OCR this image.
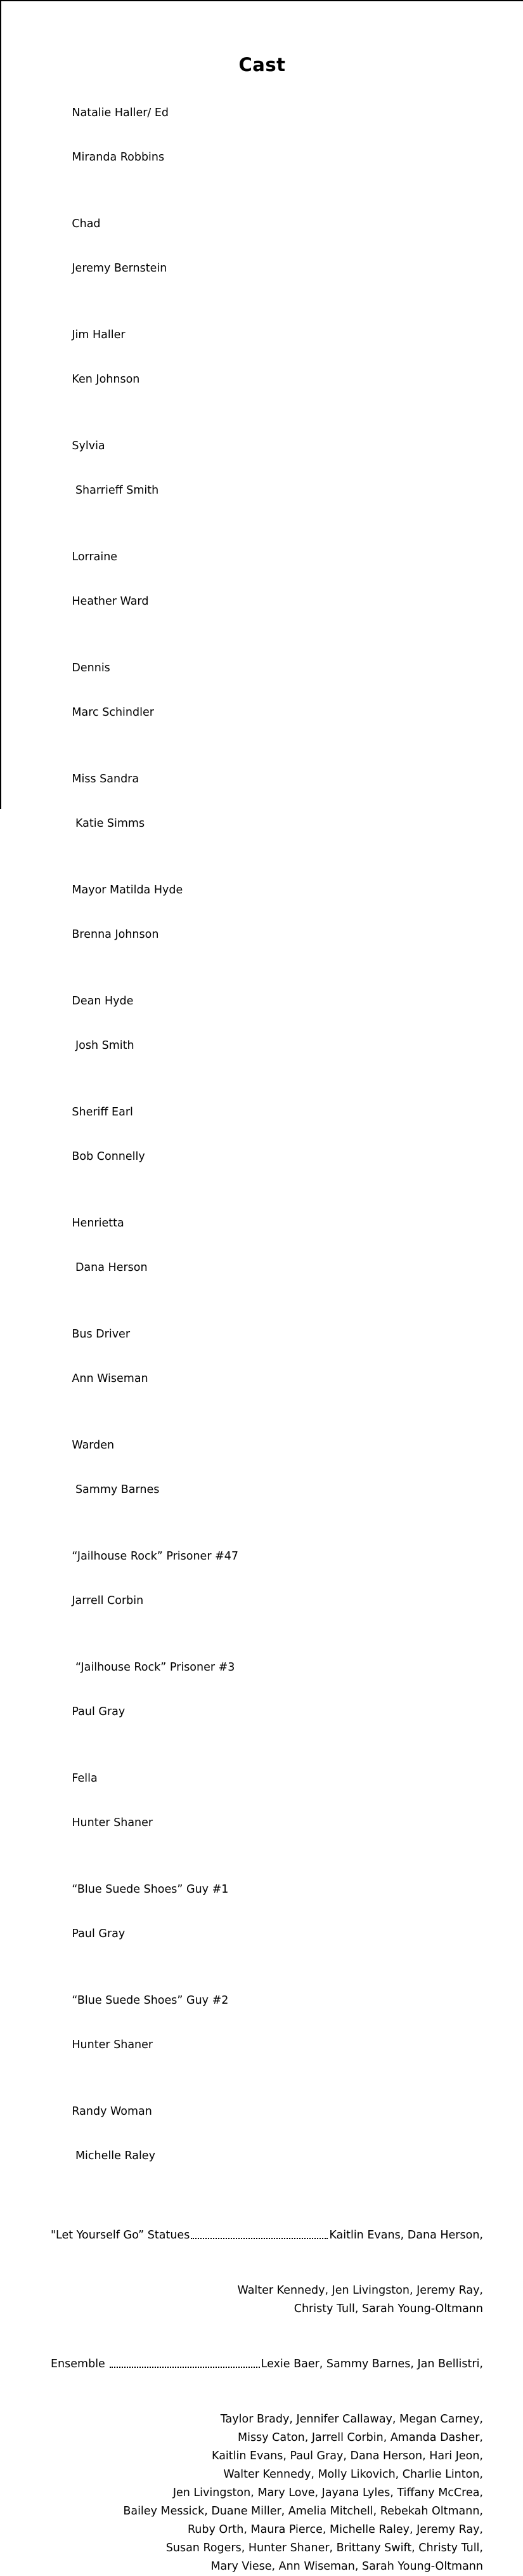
Cast

Natalie Haller/ Ed

Miranda Robbins

Chad

Jeremy Bernstein

Jim Haller

Ken Johnson

Sylvia

Sharrieff Smith

Lorraine

Heather Ward

Dennis

Marc Schindler

Miss Sandra

Katie Simms

Mayor Matilda Hyde

Brenna Johnson

Dean Hyde

Josh Smith

Sheriff Earl

Bob Connelly

Henrietta

Dana Herson

Bus Driver

Ann Wiseman

Warden

Sammy Barnes

“Jailhouse Rock” Prisoner #47

Jarrell Corbin

“Jailhouse Rock” Prisoner #3

Paul Gray

Fella

Hunter Shaner

“Blue Suede Shoes” Guy #1

Paul Gray

“Blue Suede Shoes” Guy #2

Hunter Shaner

Randy Woman

Michelle Raley

"Let Yourself Go” Statues	Kaitlin Evans, Dana Herson,

Walter Kennedy, Jen Livingston, Jeremy Ray,
Christy Tull, Sarah Young-Oltmann

Ensemble	Lexie Baer, Sammy Barnes, Jan Bellistri,

Taylor Brady, Jennifer Callaway, Megan Carney,
Missy Caton, Jarrell Corbin, Amanda Dasher,
Kaitlin Evans, Paul Gray, Dana Herson, Hari Jeon,
Walter Kennedy, Molly Likovich, Charlie Linton,
Jen Livingston, Mary Love, Jayana Lyles, Tiffany McCrea,
Bailey Messick, Duane Miller, Amelia Mitchell, Rebekah Oltmann,
Ruby Orth, Maura Pierce, Michelle Raley, Jeremy Ray,
Susan Rogers, Hunter Shaner, Brittany Swift, Christy Tull,
Mary Viese, Ann Wiseman, Sarah Young-Oltmann
